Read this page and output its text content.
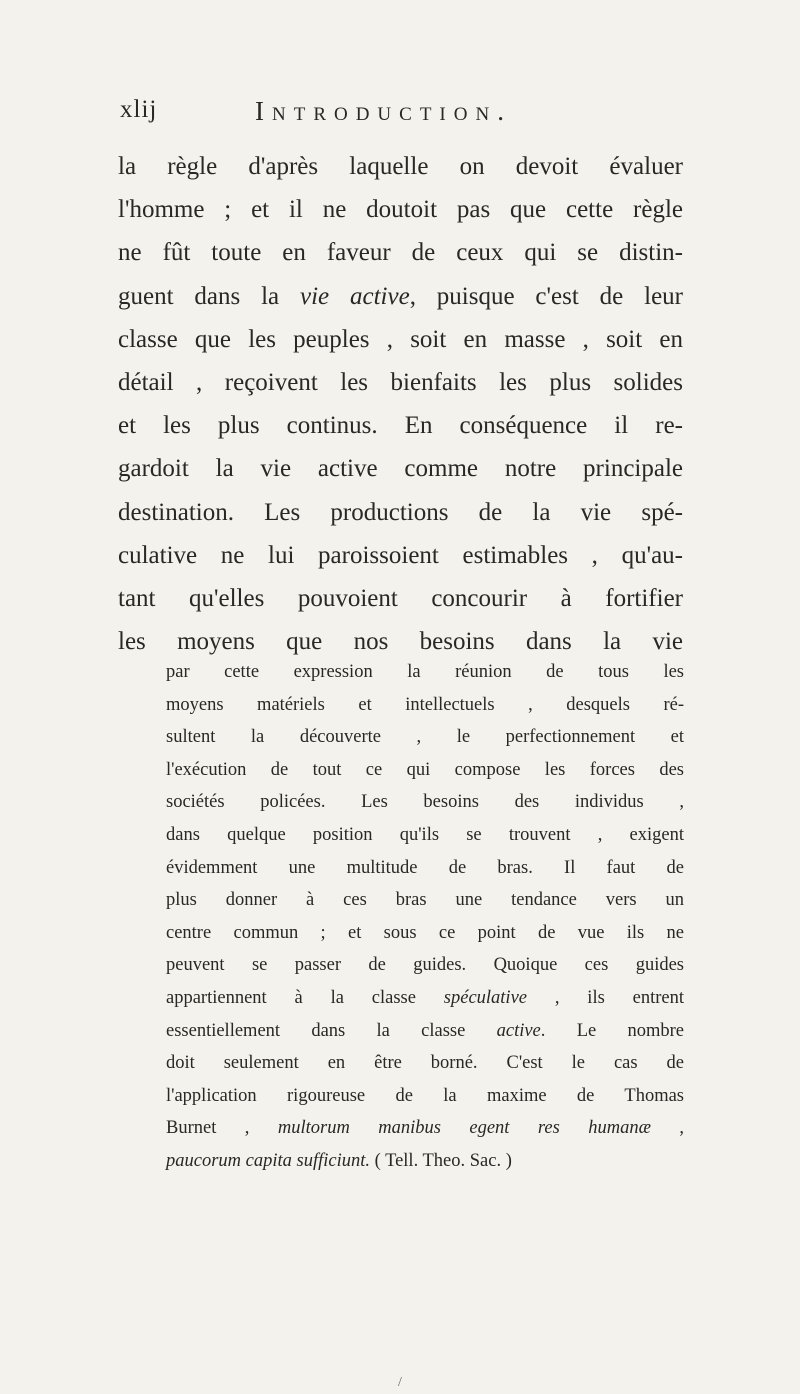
xlij	Introduction.
la règle d'après laquelle on devoit évaluer
l'homme ; et il ne doutoit pas que cette règle
ne fût toute en faveur de ceux qui se distin-
guent dans la vie active, puisque c'est de leur
classe que les peuples , soit en masse , soit en
détail , reçoivent les bienfaits les plus solides
et les plus continus. En conséquence il re-
gardoit la vie active comme notre principale
destination. Les productions de la vie spé-
culative ne lui paroissoient estimables , qu'au-
tant qu'elles pouvoient concourir à fortifier
les moyens que nos besoins dans la vie
par cette expression la réunion de tous les
moyens matériels et intellectuels , desquels ré-
sultent la découverte , le perfectionnement et
l'exécution de tout ce qui compose les forces des
sociétés policées. Les besoins des individus ,
dans quelque position qu'ils se trouvent , exigent
évidemment une multitude de bras. Il faut de
plus donner à ces bras une tendance vers un
centre commun ; et sous ce point de vue ils ne
peuvent se passer de guides. Quoique ces guides
appartiennent à la classe spéculative , ils entrent
essentiellement dans la classe active. Le nombre
doit seulement en être borné. C'est le cas de
l'application rigoureuse de la maxime de Thomas
Burnet , multorum manibus egent res humanæ ,
paucorum capita sufficiunt. ( Tell. Theo. Sac. )
/
